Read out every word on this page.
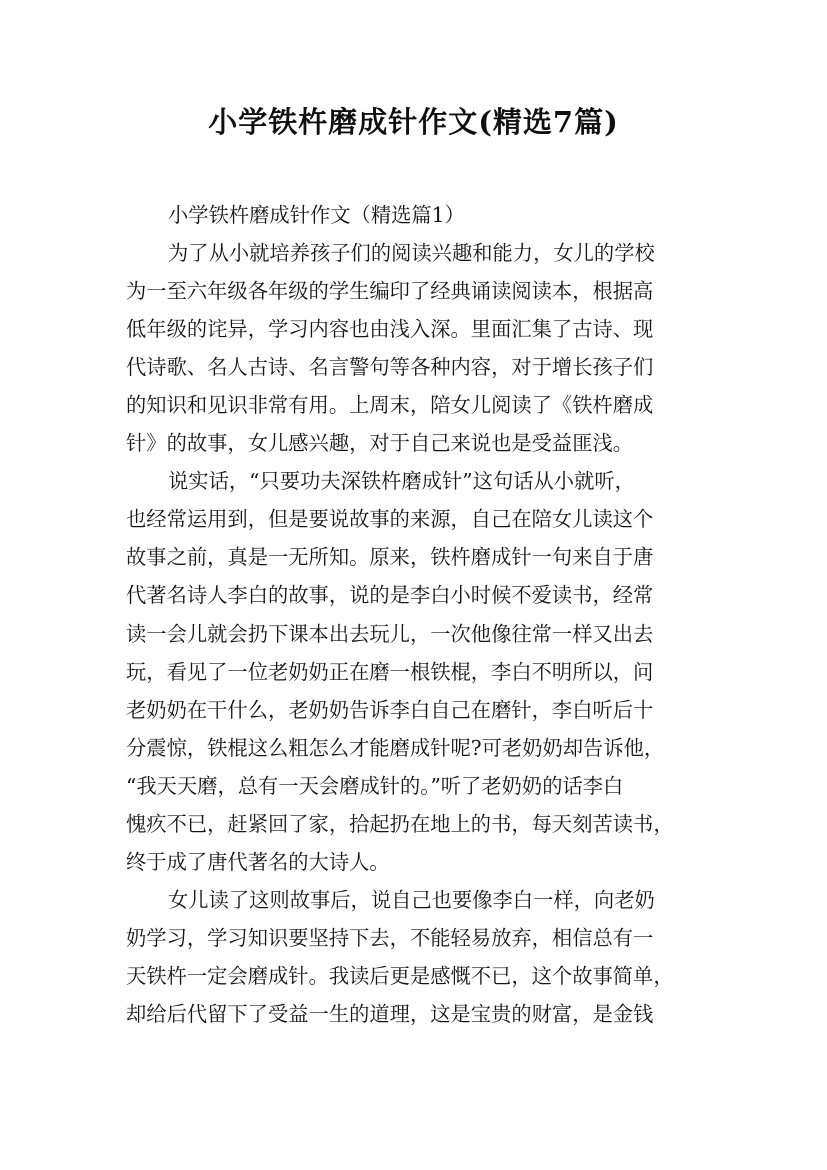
小学铁杵磨成针作文(精选7篇)
小学铁杵磨成针作文（精选篇1）
为了从小就培养孩子们的阅读兴趣和能力，女儿的学校
为一至六年级各年级的学生编印了经典诵读阅读本，根据高
低年级的诧异，学习内容也由浅入深。里面汇集了古诗、现
代诗歌、名人古诗、名言警句等各种内容，对于增长孩子们
的知识和见识非常有用。上周末，陪女儿阅读了《铁杵磨成
针》的故事，女儿感兴趣，对于自己来说也是受益匪浅。
说实话，“只要功夫深铁杵磨成针”这句话从小就听，
也经常运用到，但是要说故事的来源，自己在陪女儿读这个
故事之前，真是一无所知。原来，铁杵磨成针一句来自于唐
代著名诗人李白的故事，说的是李白小时候不爱读书，经常
读一会儿就会扔下课本出去玩儿，一次他像往常一样又出去
玩，看见了一位老奶奶正在磨一根铁棍，李白不明所以，问
老奶奶在干什么，老奶奶告诉李白自己在磨针，李白听后十
分震惊，铁棍这么粗怎么才能磨成针呢?可老奶奶却告诉他，
“我天天磨，总有一天会磨成针的。”听了老奶奶的话李白
愧疚不已，赶紧回了家，拾起扔在地上的书，每天刻苦读书，
终于成了唐代著名的大诗人。
女儿读了这则故事后，说自己也要像李白一样，向老奶
奶学习，学习知识要坚持下去，不能轻易放弃，相信总有一
天铁杵一定会磨成针。我读后更是感慨不已，这个故事简单，
却给后代留下了受益一生的道理，这是宝贵的财富，是金钱
